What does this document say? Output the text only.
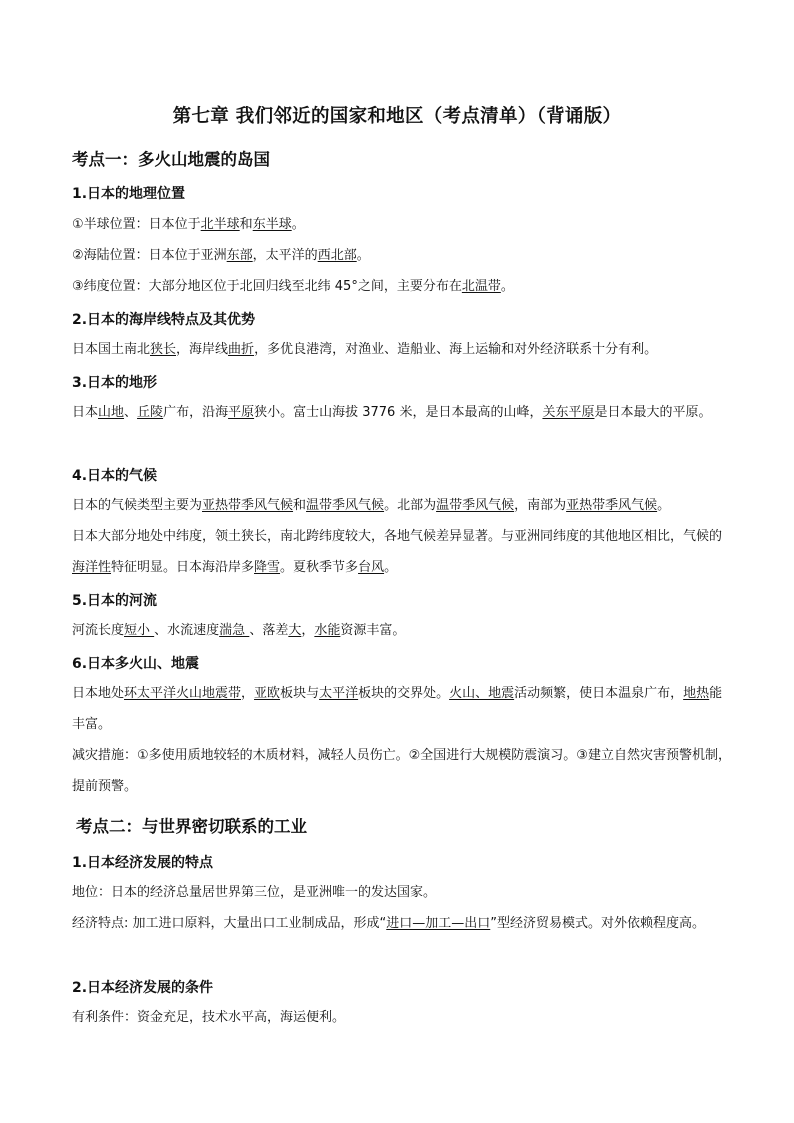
第七章 我们邻近的国家和地区（考点清单）（背诵版）
考点一：多火山地震的岛国
1.日本的地理位置
①半球位置：日本位于北半球和东半球。
②海陆位置：日本位于亚洲东部，太平洋的西北部。
③纬度位置：大部分地区位于北回归线至北纬 45°之间，主要分布在北温带。
2.日本的海岸线特点及其优势
日本国土南北狭长，海岸线曲折，多优良港湾，对渔业、造船业、海上运输和对外经济联系十分有利。
3.日本的地形
日本山地、丘陵广布，沿海平原狭小。富士山海拔 3776 米，是日本最高的山峰，关东平原是日本最大的平原。
4.日本的气候
日本的气候类型主要为亚热带季风气候和温带季风气候。北部为温带季风气候，南部为亚热带季风气候。
日本大部分地处中纬度，领土狭长，南北跨纬度较大，各地气候差异显著。与亚洲同纬度的其他地区相比，气候的海洋性特征明显。日本海沿岸多降雪。夏秋季节多台风。
5.日本的河流
河流长度短小 、水流速度湍急 、落差大，水能资源丰富。
6.日本多火山、地震
日本地处环太平洋火山地震带，亚欧板块与太平洋板块的交界处。火山、地震活动频繁，使日本温泉广布，地热能丰富。
减灾措施：①多使用质地较轻的木质材料，减轻人员伤亡。②全国进行大规模防震演习。③建立自然灾害预警机制，提前预警。
考点二：与世界密切联系的工业
1.日本经济发展的特点
地位：日本的经济总量居世界第三位，是亚洲唯一的发达国家。
经济特点: 加工进口原料，大量出口工业制成品，形成“进口—加工—出口”型经济贸易模式。对外依赖程度高。
2.日本经济发展的条件
有利条件：资金充足，技术水平高，海运便利。
